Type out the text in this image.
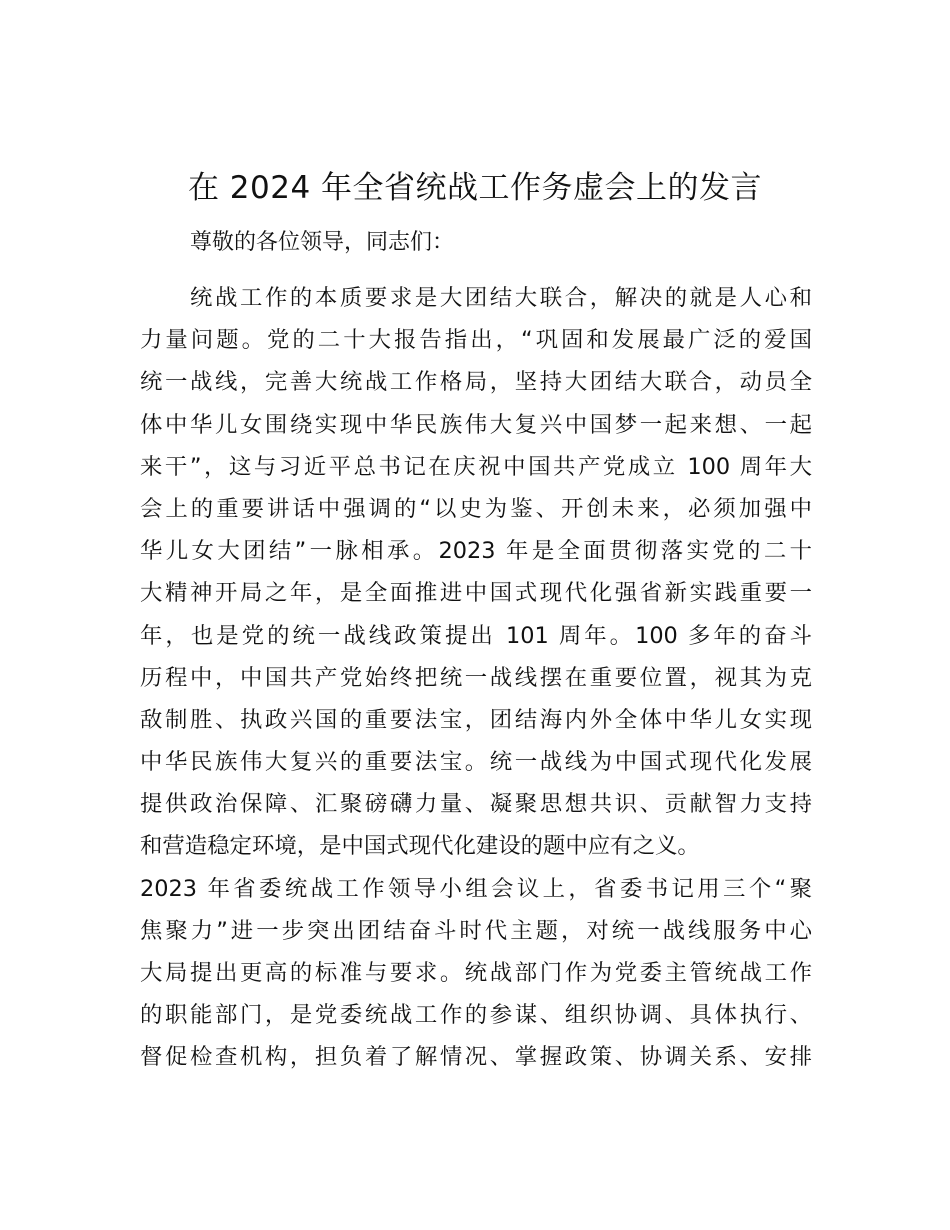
在 2024 年全省统战工作务虚会上的发言

尊敬的各位领导，同志们：

统战工作的本质要求是大团结大联合，解决的就是人心和
力量问题。党的二十大报告指出，“巩固和发展最广泛的爱国
统一战线，完善大统战工作格局，坚持大团结大联合，动员全
体中华儿女围绕实现中华民族伟大复兴中国梦一起来想、一起
来干”，这与习近平总书记在庆祝中国共产党成立 100 周年大
会上的重要讲话中强调的“以史为鉴、开创未来，必须加强中
华儿女大团结”一脉相承。2023 年是全面贯彻落实党的二十
大精神开局之年，是全面推进中国式现代化强省新实践重要一
年，也是党的统一战线政策提出 101 周年。100 多年的奋斗
历程中，中国共产党始终把统一战线摆在重要位置，视其为克
敌制胜、执政兴国的重要法宝，团结海内外全体中华儿女实现
中华民族伟大复兴的重要法宝。统一战线为中国式现代化发展
提供政治保障、汇聚磅礴力量、凝聚思想共识、贡献智力支持
和营造稳定环境，是中国式现代化建设的题中应有之义。
2023 年省委统战工作领导小组会议上，省委书记用三个“聚
焦聚力”进一步突出团结奋斗时代主题，对统一战线服务中心
大局提出更高的标准与要求。统战部门作为党委主管统战工作
的职能部门，是党委统战工作的参谋、组织协调、具体执行、
督促检查机构，担负着了解情况、掌握政策、协调关系、安排
